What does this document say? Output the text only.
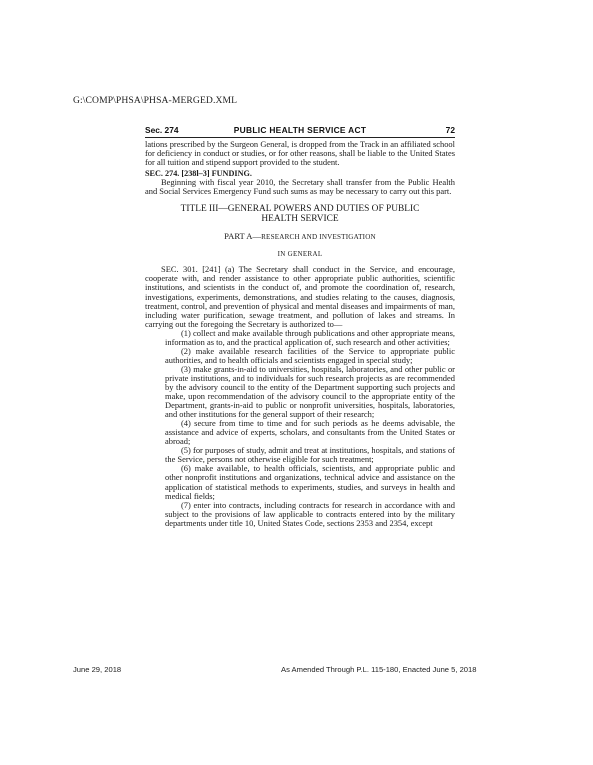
G:\COMP\PHSA\PHSA-MERGED.XML
Sec. 274	PUBLIC HEALTH SERVICE ACT	72

lations prescribed by the Surgeon General, is dropped from the Track in an affiliated school for deficiency in conduct or studies, or for other reasons, shall be liable to the United States for all tuition and stipend support provided to the student.

SEC. 274. [238l–3] FUNDING.

Beginning with fiscal year 2010, the Secretary shall transfer from the Public Health and Social Services Emergency Fund such sums as may be necessary to carry out this part.

TITLE III—GENERAL POWERS AND DUTIES OF PUBLIC HEALTH SERVICE

PART A—RESEARCH AND INVESTIGATION

IN GENERAL

SEC. 301. [241] (a) The Secretary shall conduct in the Service, and encourage, cooperate with, and render assistance to other appropriate public authorities, scientific institutions, and scientists in the conduct of, and promote the coordination of, research, investigations, experiments, demonstrations, and studies relating to the causes, diagnosis, treatment, control, and prevention of physical and mental diseases and impairments of man, including water purification, sewage treatment, and pollution of lakes and streams. In carrying out the foregoing the Secretary is authorized to—

(1) collect and make available through publications and other appropriate means, information as to, and the practical application of, such research and other activities;

(2) make available research facilities of the Service to appropriate public authorities, and to health officials and scientists engaged in special study;

(3) make grants-in-aid to universities, hospitals, laboratories, and other public or private institutions, and to individuals for such research projects as are recommended by the advisory council to the entity of the Department supporting such projects and make, upon recommendation of the advisory council to the appropriate entity of the Department, grants-in-aid to public or nonprofit universities, hospitals, laboratories, and other institutions for the general support of their research;

(4) secure from time to time and for such periods as he deems advisable, the assistance and advice of experts, scholars, and consultants from the United States or abroad;

(5) for purposes of study, admit and treat at institutions, hospitals, and stations of the Service, persons not otherwise eligible for such treatment;

(6) make available, to health officials, scientists, and appropriate public and other nonprofit institutions and organizations, technical advice and assistance on the application of statistical methods to experiments, studies, and surveys in health and medical fields;

(7) enter into contracts, including contracts for research in accordance with and subject to the provisions of law applicable to contracts entered into by the military departments under title 10, United States Code, sections 2353 and 2354, except

June 29, 2018	As Amended Through P.L. 115-180, Enacted June 5, 2018
